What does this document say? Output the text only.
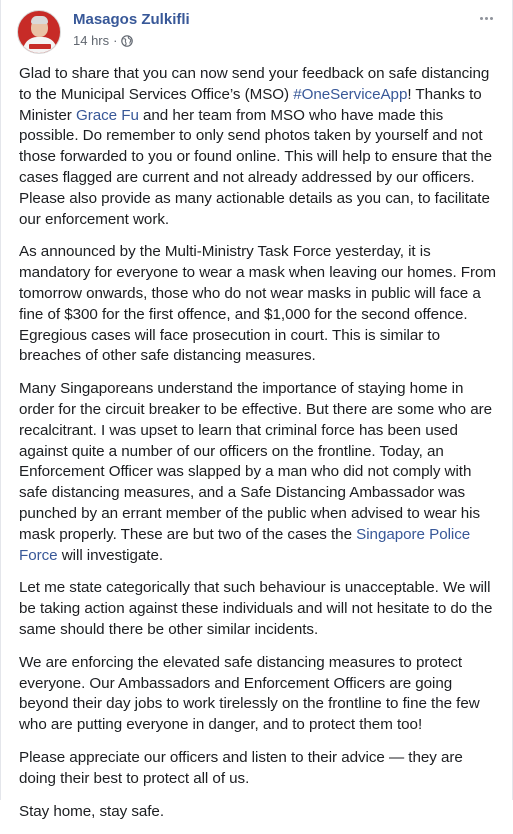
Masagos Zulkifli
14 hrs ·

Glad to share that you can now send your feedback on safe distancing to the Municipal Services Office’s (MSO) #OneServiceApp! Thanks to Minister Grace Fu and her team from MSO who have made this possible. Do remember to only send photos taken by yourself and not those forwarded to you or found online. This will help to ensure that the cases flagged are current and not already addressed by our officers. Please also provide as many actionable details as you can, to facilitate our enforcement work.

As announced by the Multi-Ministry Task Force yesterday, it is mandatory for everyone to wear a mask when leaving our homes. From tomorrow onwards, those who do not wear masks in public will face a fine of $300 for the first offence, and $1,000 for the second offence. Egregious cases will face prosecution in court. This is similar to breaches of other safe distancing measures.

Many Singaporeans understand the importance of staying home in order for the circuit breaker to be effective. But there are some who are recalcitrant. I was upset to learn that criminal force has been used against quite a number of our officers on the frontline. Today, an Enforcement Officer was slapped by a man who did not comply with safe distancing measures, and a Safe Distancing Ambassador was punched by an errant member of the public when advised to wear his mask properly. These are but two of the cases the Singapore Police Force will investigate.

Let me state categorically that such behaviour is unacceptable. We will be taking action against these individuals and will not hesitate to do the same should there be other similar incidents.

We are enforcing the elevated safe distancing measures to protect everyone. Our Ambassadors and Enforcement Officers are going beyond their day jobs to work tirelessly on the frontline to fine the few who are putting everyone in danger, and to protect them too!

Please appreciate our officers and listen to their advice — they are doing their best to protect all of us.

Stay home, stay safe.
